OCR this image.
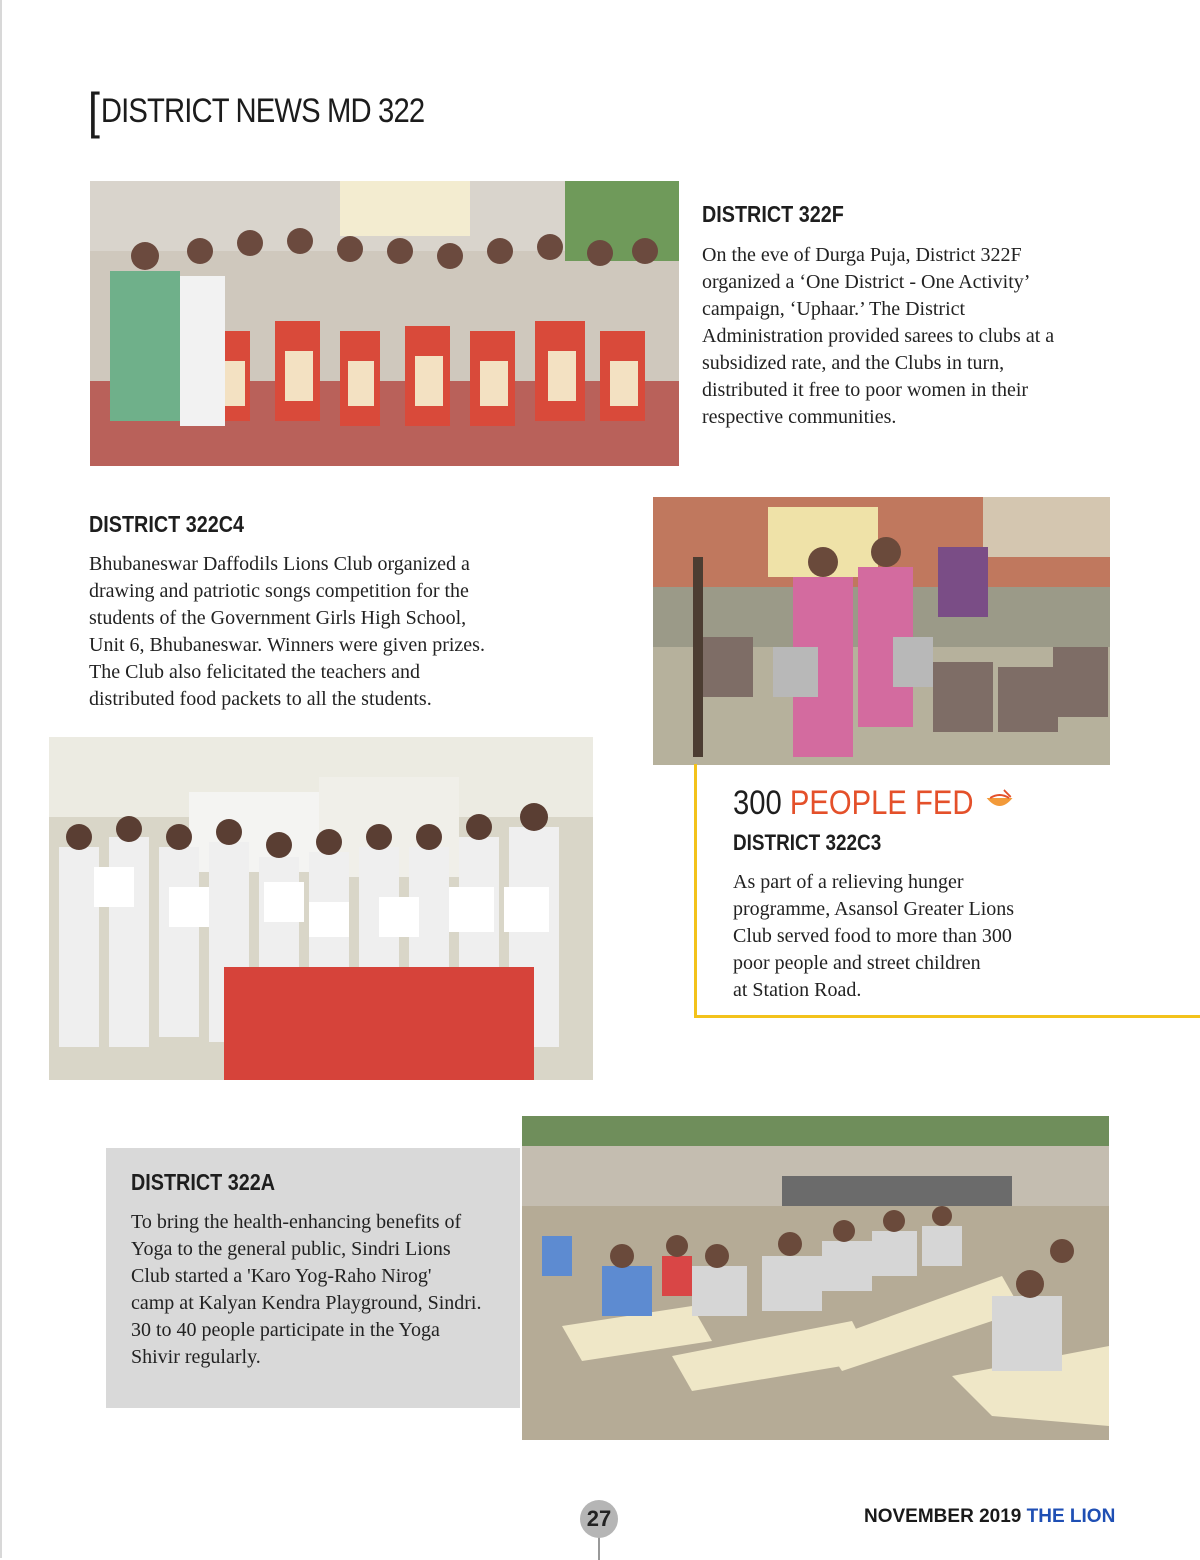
[DISTRICT NEWS MD 322
DISTRICT 322F
On the eve of Durga Puja, District 322F
organized a ‘One District - One Activity’
campaign, ‘Uphaar.’ The District
Administration provided sarees to clubs at a
subsidized rate, and the Clubs in turn,
distributed it free to poor women in their
respective communities.
DISTRICT 322C4
Bhubaneswar Daffodils Lions Club organized a
drawing and patriotic songs competition for the
students of the Government Girls High School,
Unit 6, Bhubaneswar. Winners were given prizes.
The Club also felicitated the teachers and
distributed food packets to all the students.
300 PEOPLE FED
DISTRICT 322C3
As part of a relieving hunger
programme, Asansol Greater Lions
Club served food to more than 300
poor people and street children
at Station Road.
DISTRICT 322A
To bring the health-enhancing benefits of
Yoga to the general public, Sindri Lions
Club started a 'Karo Yog-Raho Nirog'
camp at Kalyan Kendra Playground, Sindri.
30 to 40 people participate in the Yoga
Shivir regularly.
27	NOVEMBER 2019 THE LION
